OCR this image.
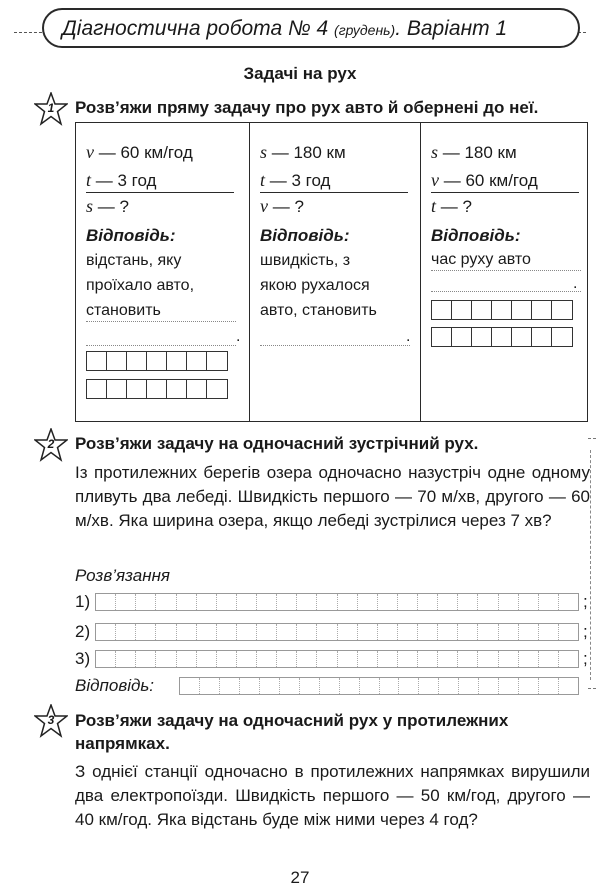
Діагностична робота № 4 (грудень). Варіант 1
Задачі на рух
1	Розв’яжи пряму задачу про рух авто й обернені до неї.
v — 60 км/год
t — 3 год
s — ?
Відповідь:
відстань, яку
проїхало авто,
становить
.
s — 180 км
t — 3 год
v — ?
Відповідь:
швидкість, з
якою рухалося
авто, становить
.
s — 180 км
v — 60 км/год
t — ?
Відповідь:
час руху авто
.
2	Розв’яжи задачу на одночасний зустрічний рух.
Із протилежних берегів озера одночасно назустріч одне одному пливуть два лебеді. Швидкість першого — 70 м/хв, другого — 60 м/хв. Яка ширина озера, якщо лебеді зустрілися через 7 хв?
Розв’язання
1)	;
2)	;
3)	;
Відповідь:
3	Розв’яжи задачу на одночасний рух у протилежних
напрямках.
З однієї станції одночасно в протилежних напрямках вирушили два електропоїзди. Швидкість першого — 50 км/год, другого — 40 км/год. Яка відстань буде між ними через 4 год?
27
